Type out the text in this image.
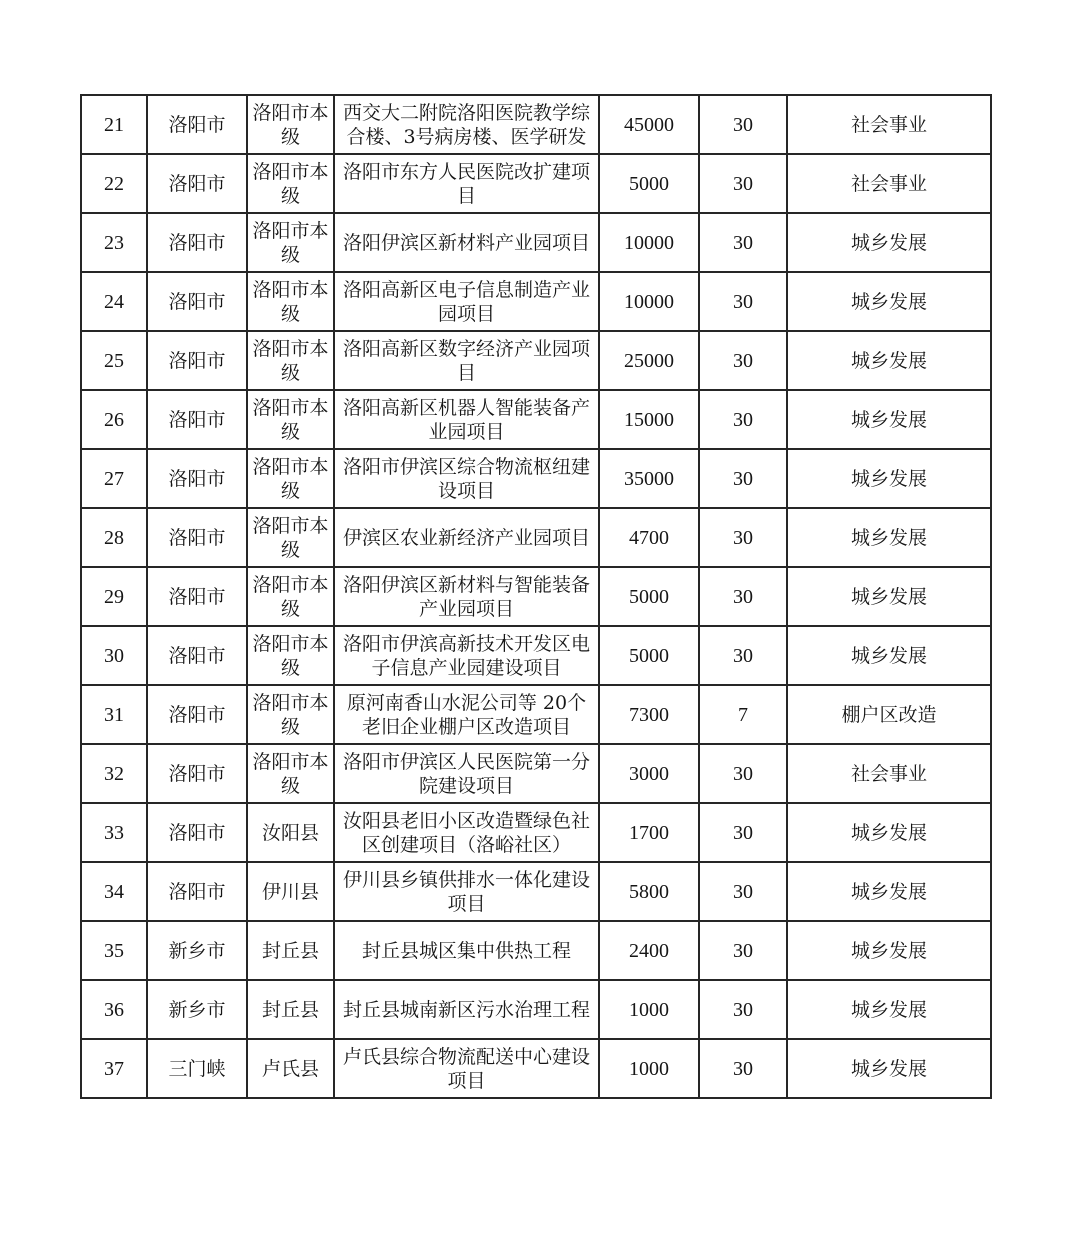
21	洛阳市	洛阳市本级	西交大二附院洛阳医院教学综合楼、3号病房楼、医学研发	45000	30	社会事业
22	洛阳市	洛阳市本级	洛阳市东方人民医院改扩建项目	5000	30	社会事业
23	洛阳市	洛阳市本级	洛阳伊滨区新材料产业园项目	10000	30	城乡发展
24	洛阳市	洛阳市本级	洛阳高新区电子信息制造产业园项目	10000	30	城乡发展
25	洛阳市	洛阳市本级	洛阳高新区数字经济产业园项目	25000	30	城乡发展
26	洛阳市	洛阳市本级	洛阳高新区机器人智能装备产业园项目	15000	30	城乡发展
27	洛阳市	洛阳市本级	洛阳市伊滨区综合物流枢纽建设项目	35000	30	城乡发展
28	洛阳市	洛阳市本级	伊滨区农业新经济产业园项目	4700	30	城乡发展
29	洛阳市	洛阳市本级	洛阳伊滨区新材料与智能装备产业园项目	5000	30	城乡发展
30	洛阳市	洛阳市本级	洛阳市伊滨高新技术开发区电子信息产业园建设项目	5000	30	城乡发展
31	洛阳市	洛阳市本级	原河南香山水泥公司等 20个老旧企业棚户区改造项目	7300	7	棚户区改造
32	洛阳市	洛阳市本级	洛阳市伊滨区人民医院第一分院建设项目	3000	30	社会事业
33	洛阳市	汝阳县	汝阳县老旧小区改造暨绿色社区创建项目（洛峪社区）	1700	30	城乡发展
34	洛阳市	伊川县	伊川县乡镇供排水一体化建设项目	5800	30	城乡发展
35	新乡市	封丘县	封丘县城区集中供热工程	2400	30	城乡发展
36	新乡市	封丘县	封丘县城南新区污水治理工程	1000	30	城乡发展
37	三门峡	卢氏县	卢氏县综合物流配送中心建设项目	1000	30	城乡发展
